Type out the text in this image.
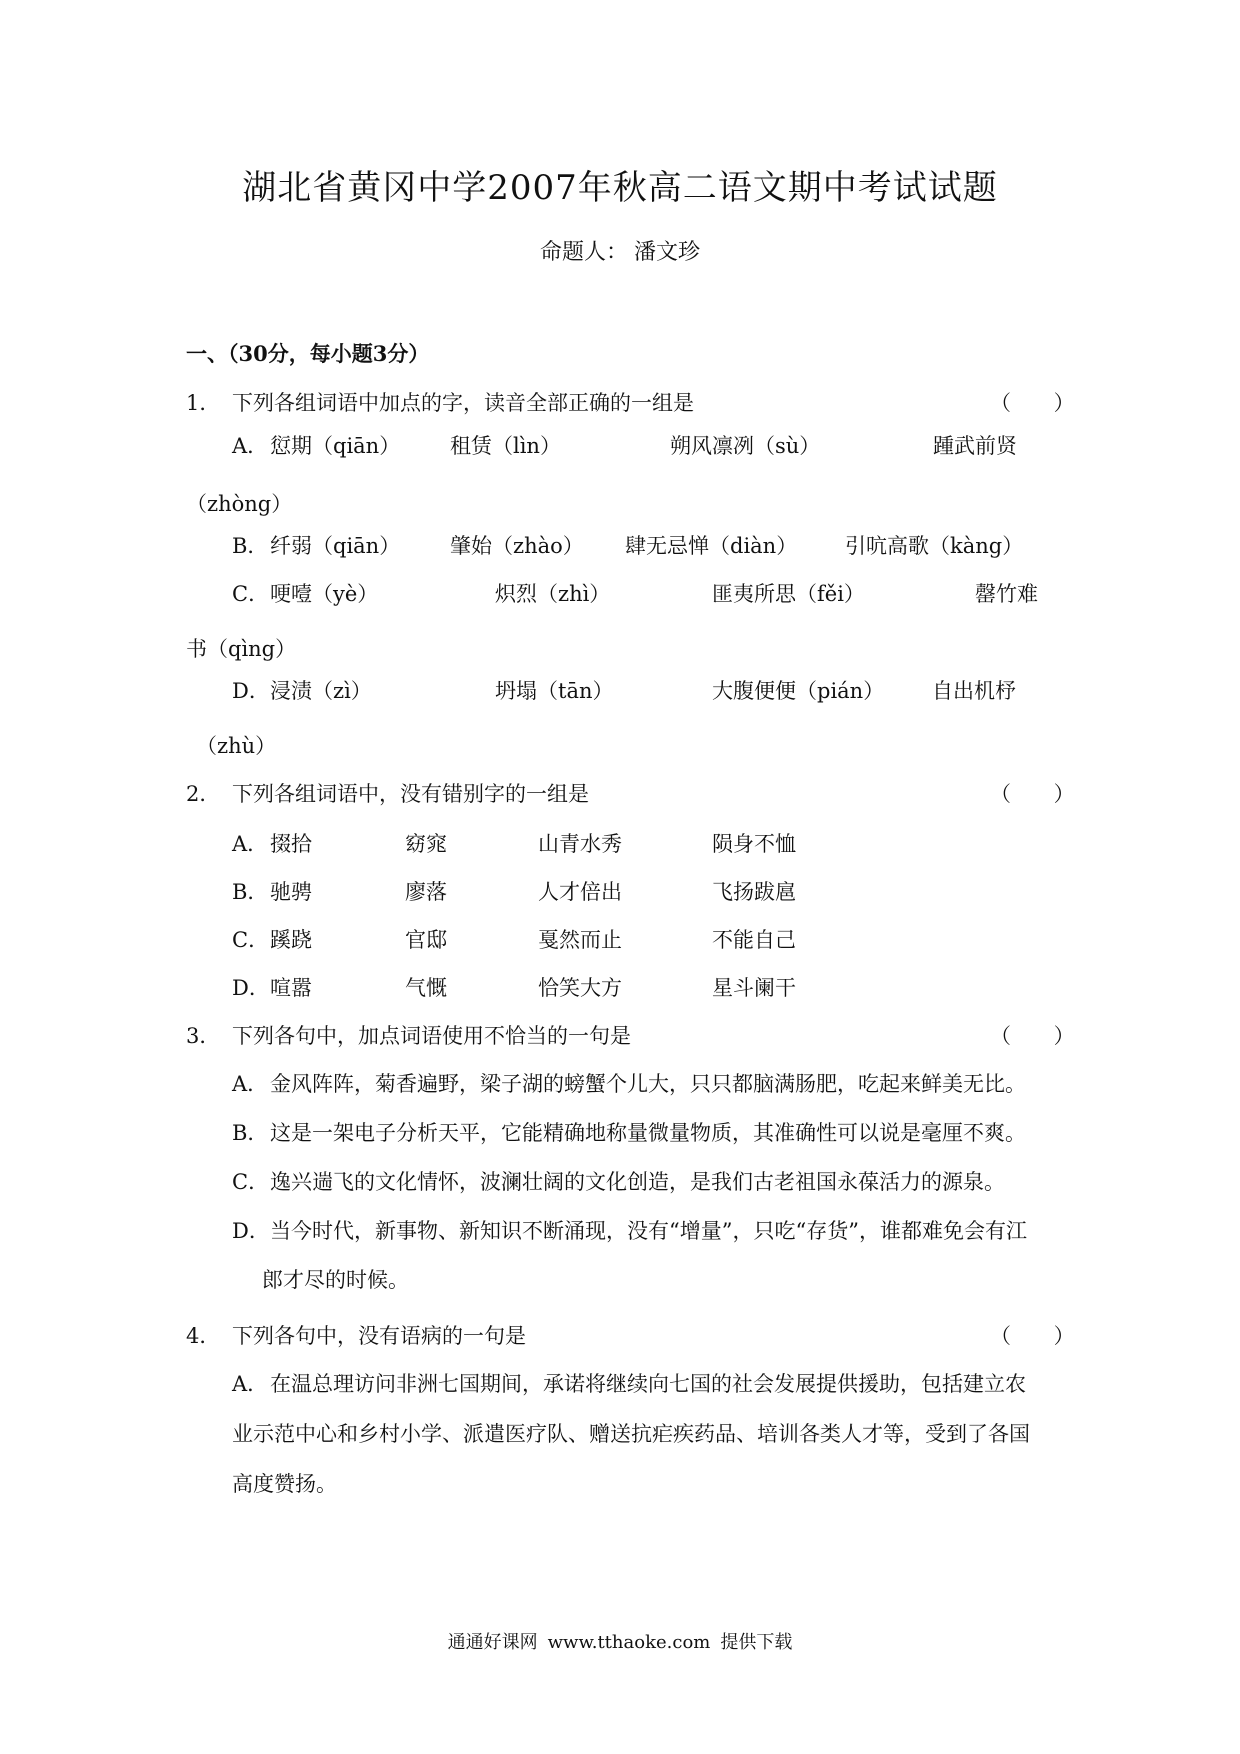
湖北省黄冈中学2007年秋高二语文期中考试试题
命题人： 潘文珍
一、（30分，每小题3分）
1． 下列各组词语中加点的字，读音全部正确的一组是	（ ）
A． 愆期（qiān） 租赁（lìn）	朔风凛冽（sù）	踵武前贤
（zhòng）
B． 纤弱（qiān） 肇始（zhào） 肆无忌惮（diàn） 引吭高歌（kàng）
C． 哽噎（yè）	炽烈（zhì）	匪夷所思（fěi）	罄竹难
书（qìng）
D． 浸渍（zì）	坍塌（tān）	大腹便便（pián） 自出机杼
（zhù）
2． 下列各组词语中，没有错别字的一组是	（ ）
A． 掇拾	窈窕	山青水秀	陨身不恤
B． 驰骋	廖落	人才倍出	飞扬跋扈
C． 蹊跷	官邸	戛然而止	不能自己
D． 喧嚣	气慨	恰笑大方	星斗阑干
3． 下列各句中，加点词语使用不恰当的一句是	（ ）
A．金风阵阵，菊香遍野，梁子湖的螃蟹个儿大，只只都脑满肠肥，吃起来鲜美无比。
B．这是一架电子分析天平，它能精确地称量微量物质，其准确性可以说是毫厘不爽。
C．逸兴遄飞的文化情怀，波澜壮阔的文化创造，是我们古老祖国永葆活力的源泉。
D．当今时代，新事物、新知识不断涌现，没有“增量”，只吃“存货”，谁都难免会有江
郎才尽的时候。
4． 下列各句中，没有语病的一句是	（ ）
A．在温总理访问非洲七国期间，承诺将继续向七国的社会发展提供援助，包括建立农
业示范中心和乡村小学、派遣医疗队、赠送抗疟疾药品、培训各类人才等，受到了各国
高度赞扬。
通通好课网 www.tthaoke.com 提供下载
